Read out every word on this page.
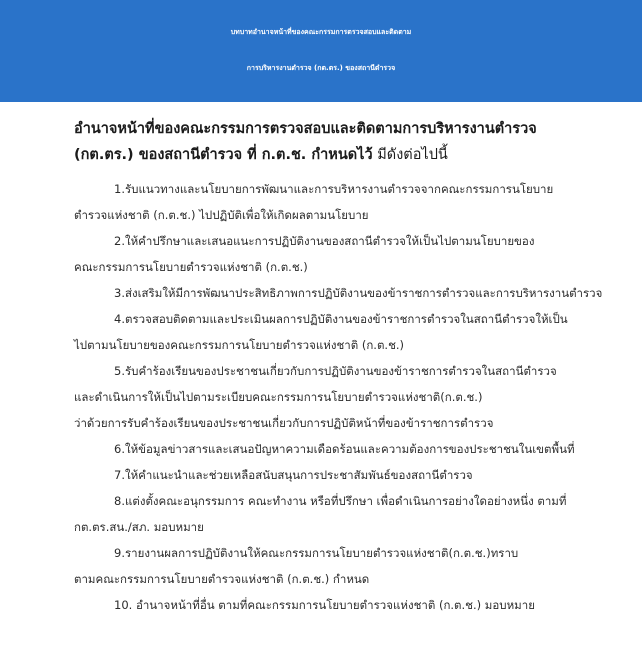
บทบาทอำนาจหน้าที่ของคณะกรรมการตรวจสอบและติดตาม
การบริหารงานตำรวจ (กต.ตร.) ของสถานีตำรวจ

อำนาจหน้าที่ของคณะกรรมการตรวจสอบและติดตามการบริหารงานตำรวจ
(กต.ตร.) ของสถานีตำรวจ ที่ ก.ต.ช. กำหนดไว้ มีดังต่อไปนี้

1.รับแนวทางและนโยบายการพัฒนาและการบริหารงานตำรวจจากคณะกรรมการนโยบาย
ตำรวจแห่งชาติ (ก.ต.ช.) ไปปฏิบัติเพื่อให้เกิดผลตามนโยบาย

2.ให้คำปรึกษาและเสนอแนะการปฏิบัติงานของสถานีตำรวจให้เป็นไปตามนโยบายของ
คณะกรรมการนโยบายตำรวจแห่งชาติ (ก.ต.ช.)

3.ส่งเสริมให้มีการพัฒนาประสิทธิภาพการปฏิบัติงานของข้าราชการตำรวจและการบริหารงานตำรวจ

4.ตรวจสอบติดตามและประเมินผลการปฏิบัติงานของข้าราชการตำรวจในสถานีตำรวจให้เป็น
ไปตามนโยบายของคณะกรรมการนโยบายตำรวจแห่งชาติ (ก.ต.ช.)

5.รับคำร้องเรียนของประชาชนเกี่ยวกับการปฏิบัติงานของข้าราชการตำรวจในสถานีตำรวจ
และดำเนินการให้เป็นไปตามระเบียบคณะกรรมการนโยบายตำรวจแห่งชาติ(ก.ต.ช.)
ว่าด้วยการรับคำร้องเรียนของประชาชนเกี่ยวกับการปฏิบัติหน้าที่ของข้าราชการตำรวจ

6.ให้ข้อมูลข่าวสารและเสนอปัญหาความเดือดร้อนและความต้องการของประชาชนในเขตพื้นที่

7.ให้คำแนะนำและช่วยเหลือสนับสนุนการประชาสัมพันธ์ของสถานีตำรวจ

8.แต่งตั้งคณะอนุกรรมการ คณะทำงาน หรือที่ปรึกษา เพื่อดำเนินการอย่างใดอย่างหนึ่ง ตามที่
กต.ตร.สน./สภ. มอบหมาย

9.รายงานผลการปฏิบัติงานให้คณะกรรมการนโยบายตำรวจแห่งชาติ(ก.ต.ช.)ทราบ
ตามคณะกรรมการนโยบายตำรวจแห่งชาติ (ก.ต.ช.) กำหนด

10. อำนาจหน้าที่อื่น ตามที่คณะกรรมการนโยบายตำรวจแห่งชาติ (ก.ต.ช.) มอบหมาย
